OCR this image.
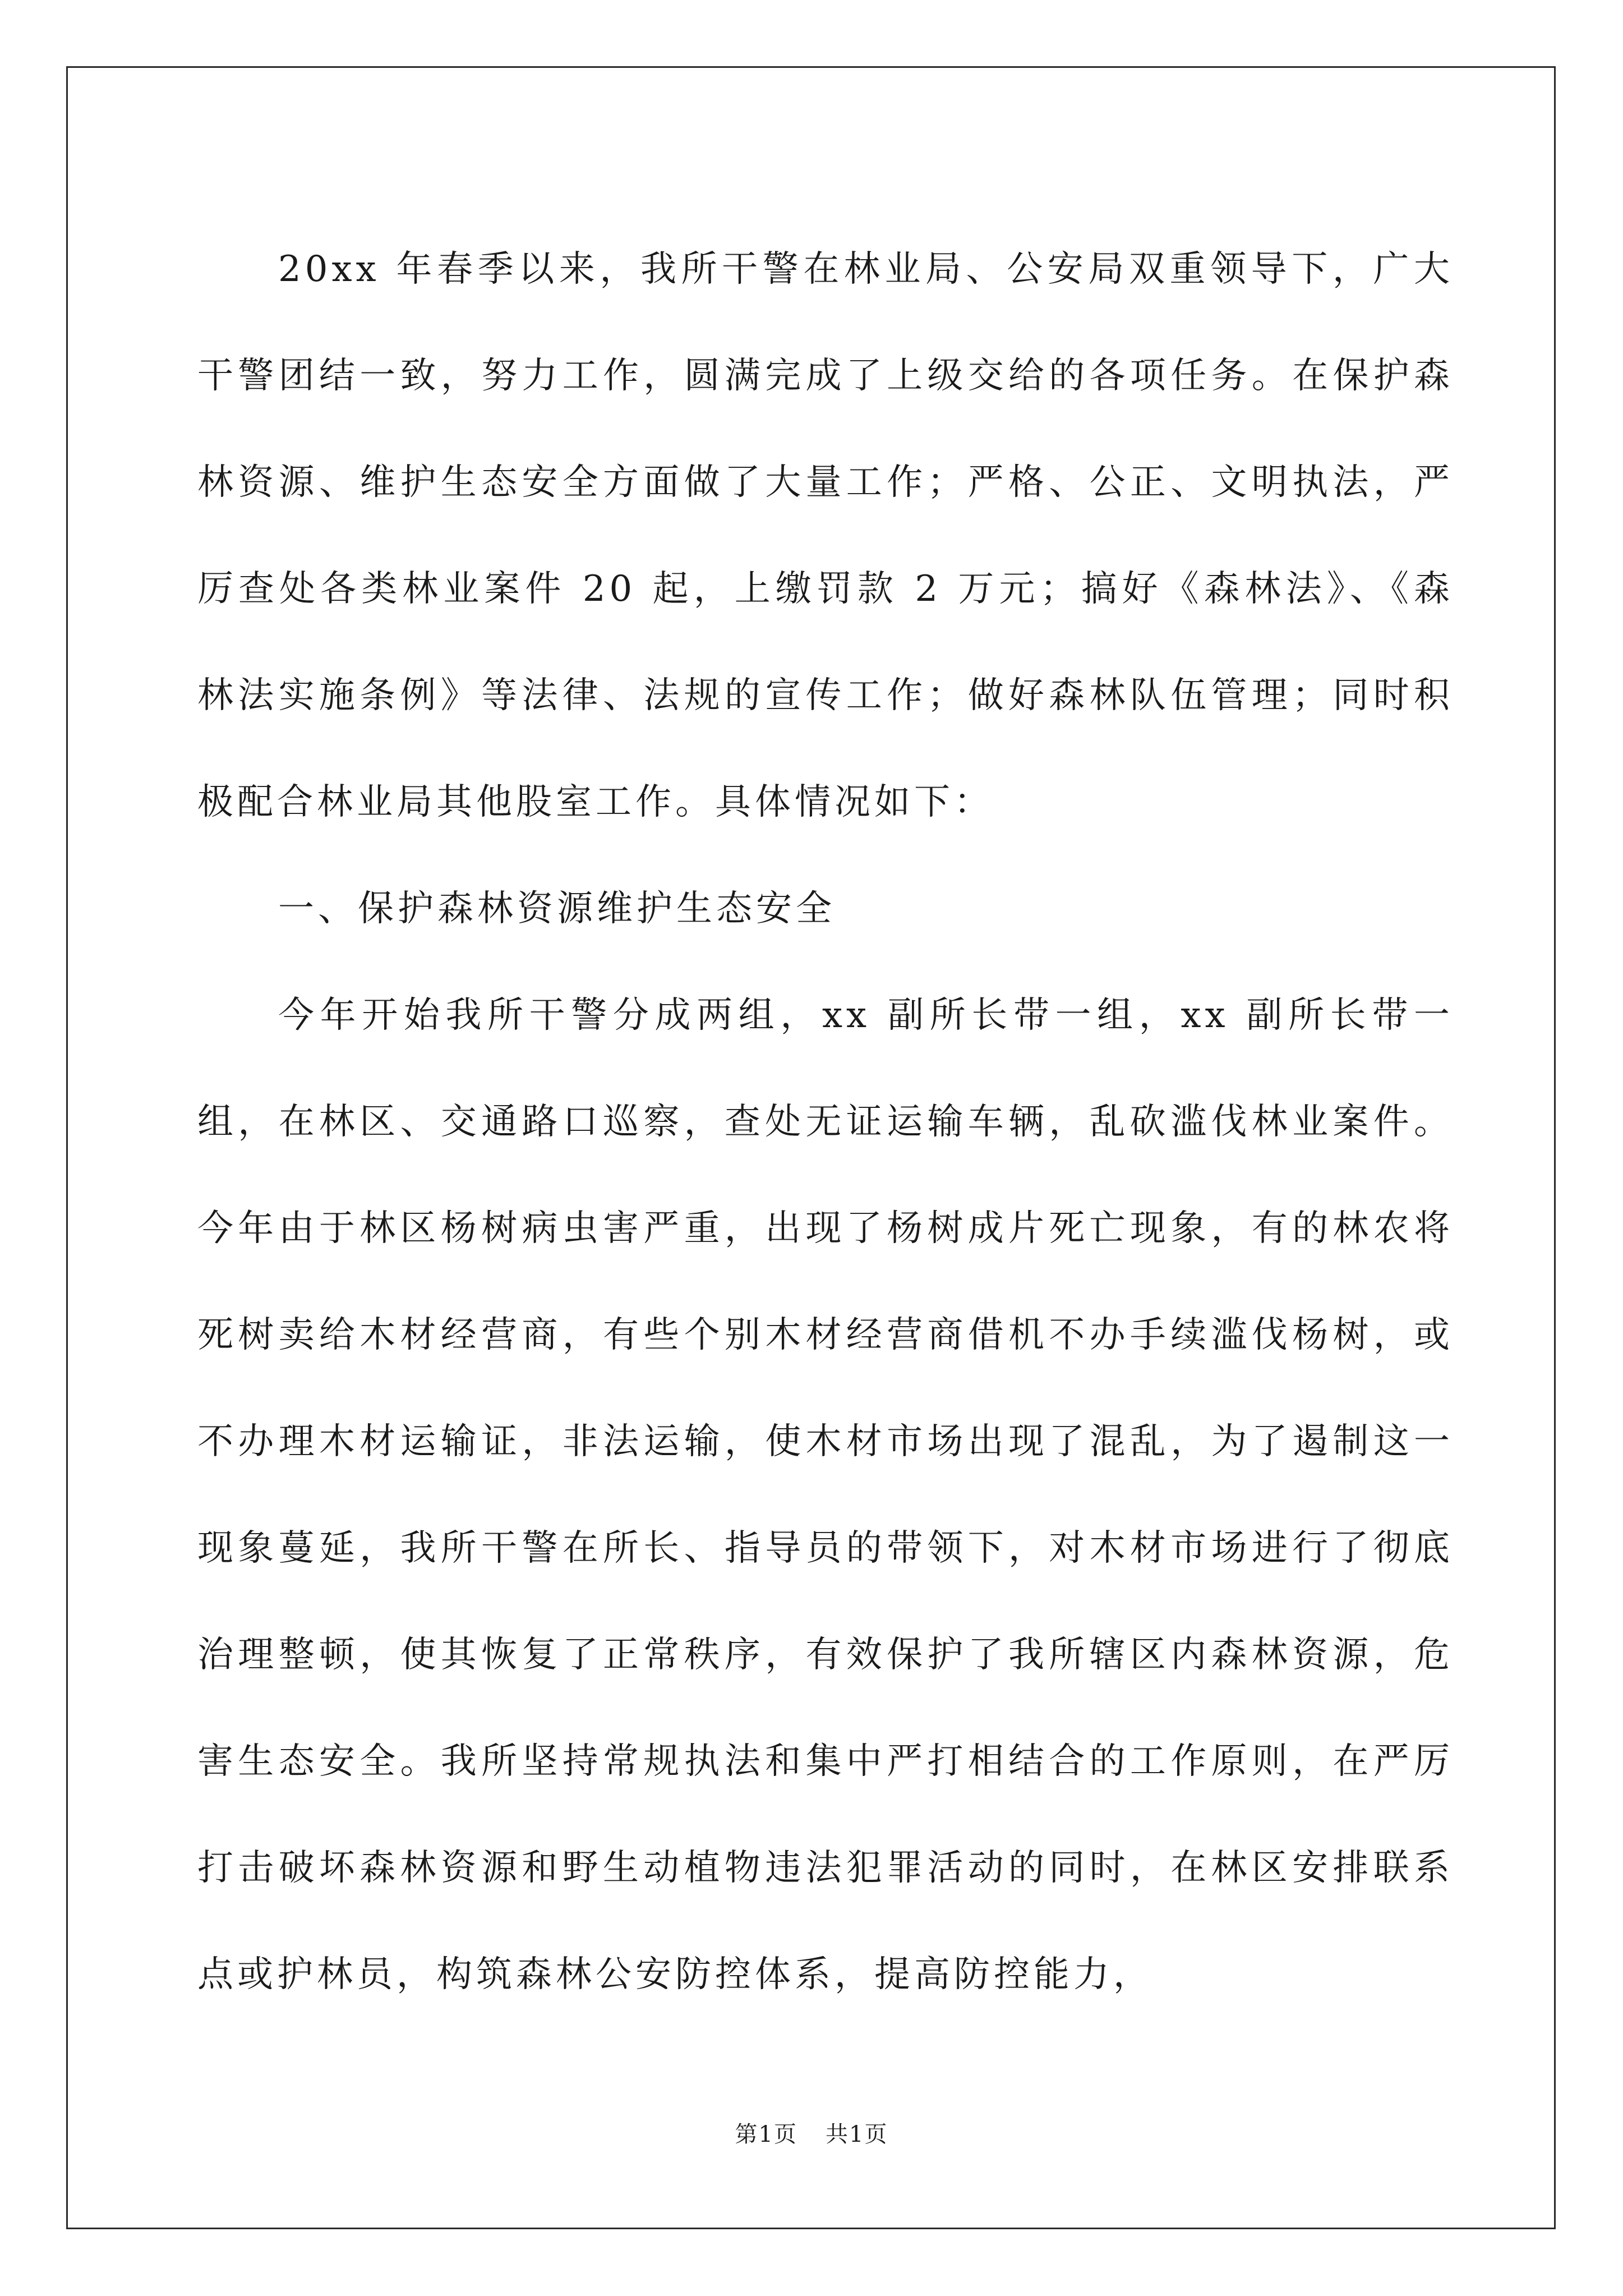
20xx 年春季以来，我所干警在林业局、公安局双重领导下，广大干警团结一致，努力工作，圆满完成了上级交给的各项任务。在保护森林资源、维护生态安全方面做了大量工作；严格、公正、文明执法，严厉查处各类林业案件 20 起，上缴罚款 2 万元；搞好《森林法》、《森林法实施条例》等法律、法规的宣传工作；做好森林队伍管理；同时积极配合林业局其他股室工作。具体情况如下：

一、保护森林资源维护生态安全

今年开始我所干警分成两组，xx 副所长带一组，xx 副所长带一组，在林区、交通路口巡察，查处无证运输车辆，乱砍滥伐林业案件。今年由于林区杨树病虫害严重，出现了杨树成片死亡现象，有的林农将死树卖给木材经营商，有些个别木材经营商借机不办手续滥伐杨树，或不办理木材运输证，非法运输，使木材市场出现了混乱，为了遏制这一现象蔓延，我所干警在所长、指导员的带领下，对木材市场进行了彻底治理整顿，使其恢复了正常秩序，有效保护了我所辖区内森林资源，危害生态安全。我所坚持常规执法和集中严打相结合的工作原则，在严厉打击破坏森林资源和野生动植物违法犯罪活动的同时，在林区安排联系点或护林员，构筑森林公安防控体系，提高防控能力，

第1页 共1页
